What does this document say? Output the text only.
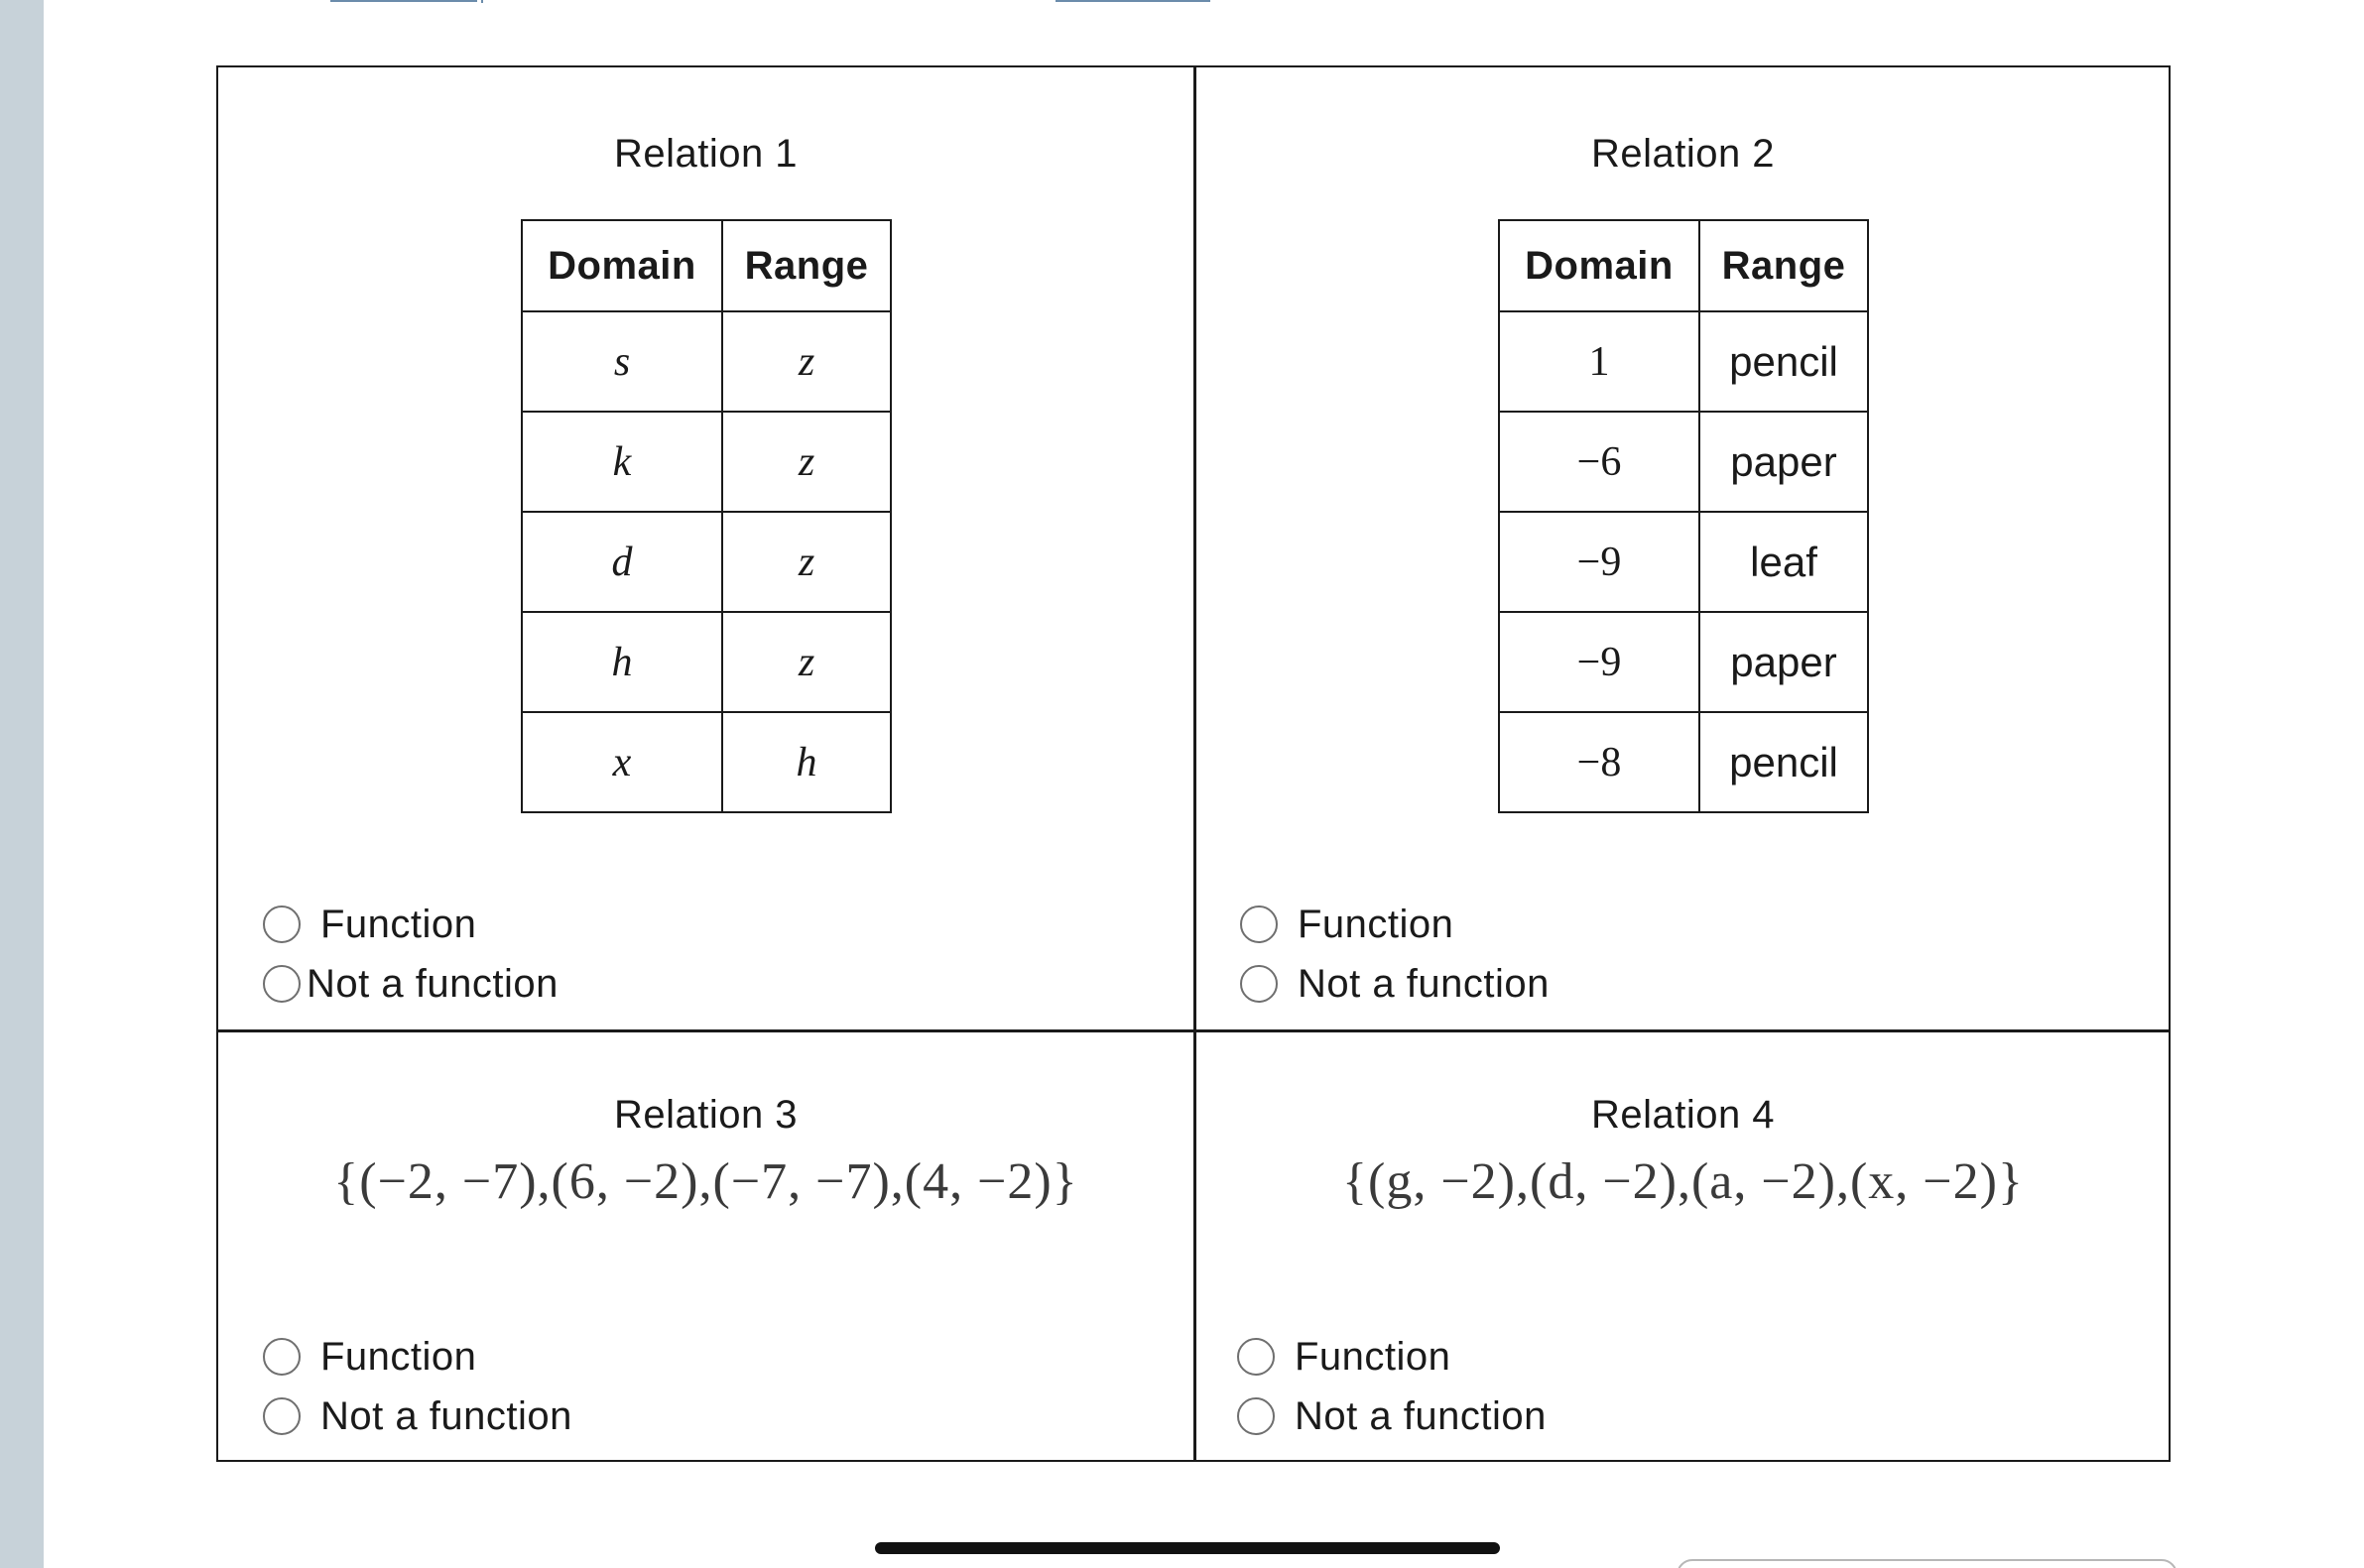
Relation 1
Domain	Range
s	z
k	z
d	z
h	z
x	h
Function
Not a function
Relation 2
Domain	Range
1	pencil
−6	paper
−9	leaf
−9	paper
−8	pencil
Function
Not a function
Relation 3
{(−2, −7),(6, −2),(−7, −7),(4, −2)}
Function
Not a function
Relation 4
{(g, −2),(d, −2),(a, −2),(x, −2)}
Function
Not a function
